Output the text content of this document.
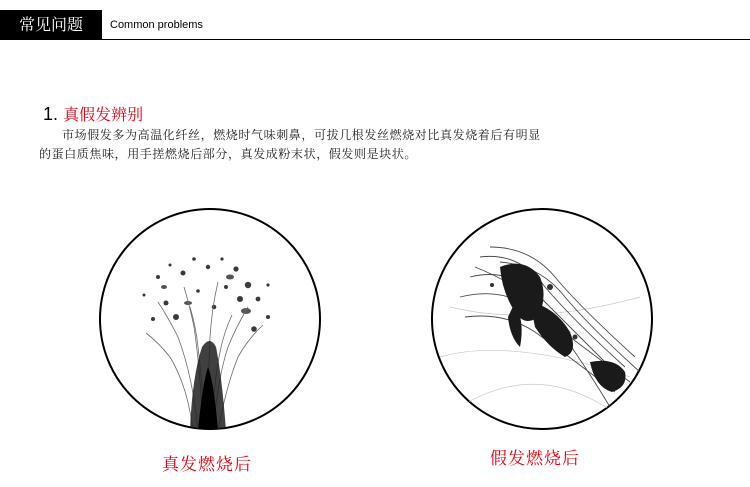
常见问题	Common problems
1. 真假发辨别
市场假发多为高温化纤丝，燃烧时气味刺鼻，可拔几根发丝燃烧对比真发烧着后有明显
的蛋白质焦味，用手搓燃烧后部分，真发成粉末状，假发则是块状。
真发燃烧后	假发燃烧后
